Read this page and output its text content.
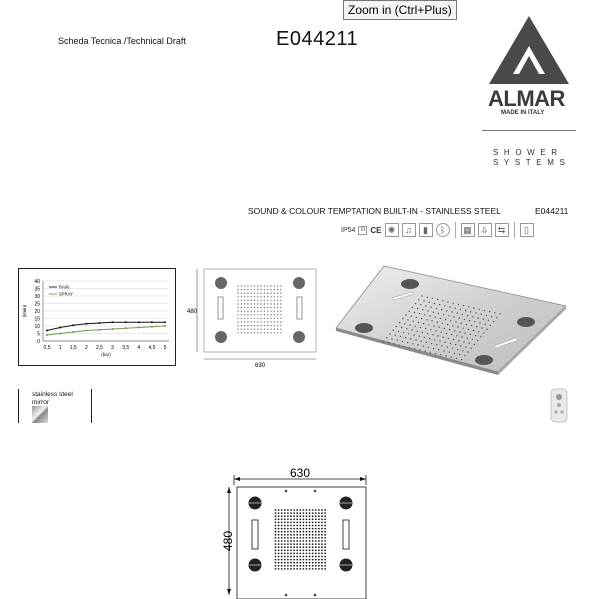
Zoom in (Ctrl+Plus)
Scheda Tecnica /Technical Draft	E044211
ALMAR
MADE IN ITALY
SHOWER
SYSTEMS
SOUND & COLOUR TEMPTATION BUILT-IN - STAINLESS STEEL	E044211
IP54 III CE ✺	♫	▮	ᛒ	▦	⥥	⇆	▯
0
5
10
15
20
25
30
35
40
0,5 1 1,5 2 2,5 3 3,5 4 4,5 5
(bar)
(l/min)
RAIN
SPRAY
630
480
stainless steel
mirror
630
480
